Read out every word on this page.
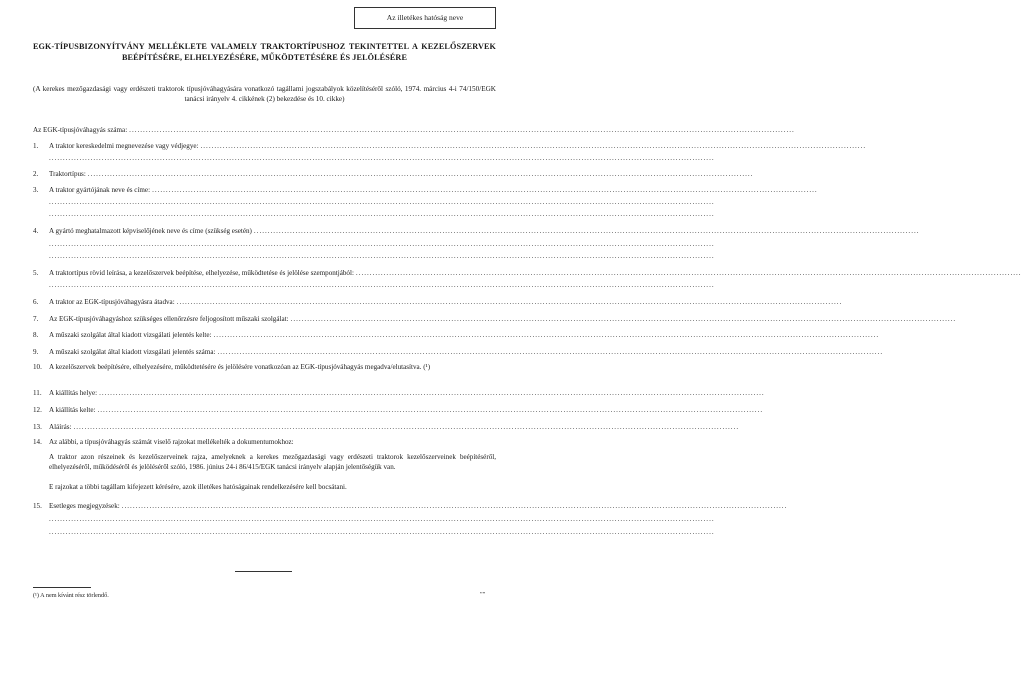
Az illetékes hatóság neve
EGK-TÍPUSBIZONYÍTVÁNY MELLÉKLETE VALAMELY TRAKTORTÍPUSHOZ TEKINTETTEL A KEZELŐSZERVEK BEÉPÍTÉSÉRE, ELHELYEZÉSÉRE, MŰKÖDTETÉSÉRE ÉS JELÖLÉSÉRE
(A kerekes mezőgazdasági vagy erdészeti traktorok típusjóváhagyására vonatkozó tagállami jogszabályok közelítéséről szóló, 1974. március 4-i 74/150/EGK tanácsi irányelv 4. cikkének (2) bekezdése és 10. cikke)
Az EGK-típusjóváhagyás száma: ................................................................................................................................................................................................................................................
1.	A traktor kereskedelmi megnevezése vagy védjegye: ................................................................................................................................................................................................................................................
................................................................................................................................................................................................................................................
2.	Traktortípus: ................................................................................................................................................................................................................................................
3.	A traktor gyártójának neve és címe: ................................................................................................................................................................................................................................................
................................................................................................................................................................................................................................................
................................................................................................................................................................................................................................................
4.	A gyártó meghatalmazott képviselőjének neve és címe (szükség esetén) ................................................................................................................................................................................................................................................
................................................................................................................................................................................................................................................
................................................................................................................................................................................................................................................
5.	A traktortípus rövid leírása, a kezelőszervek beépítése, elhelyezése, működtetése és jelölése szempontjából: ................................................................................................................................................................................................................................................
................................................................................................................................................................................................................................................
6.	A traktor az EGK-típusjóváhagyásra átadva: ................................................................................................................................................................................................................................................
7.	Az EGK-típusjóváhagyáshoz szükséges ellenőrzésre feljogosított műszaki szolgálat: ................................................................................................................................................................................................................................................
8.	A műszaki szolgálat által kiadott vizsgálati jelentés kelte: ................................................................................................................................................................................................................................................
9.	A műszaki szolgálat által kiadott vizsgálati jelentés száma: ................................................................................................................................................................................................................................................
10.	A kezelőszervek beépítésére, elhelyezésére, működtetésére és jelölésére vonatkozóan az EGK-típusjóváhagyás megadva/elutasítva. (¹)
11.	A kiállítás helye: ................................................................................................................................................................................................................................................
12.	A kiállítás kelte: ................................................................................................................................................................................................................................................
13.	Aláírás: ................................................................................................................................................................................................................................................
14.	Az alábbi, a típusjóváhagyás számát viselő rajzokat mellékelték a dokumentumokhoz:
A traktor azon részeinek és kezelőszerveinek rajza, amelyeknek a kerekes mezőgazdasági vagy erdészeti traktorok kezelőszerveinek beépítéséről, elhelyezéséről, működéséről és jelöléséről szóló, 1986. június 24-i 86/415/EGK tanácsi irányelv alapján jelentőségük van.
E rajzokat a többi tagállam kifejezett kérésére, azok illetékes hatóságainak rendelkezésére kell bocsátani.
15.	Esetleges megjegyzések: ................................................................................................................................................................................................................................................
................................................................................................................................................................................................................................................
................................................................................................................................................................................................................................................
(¹) A nem kívánt rész törlendő.	""
